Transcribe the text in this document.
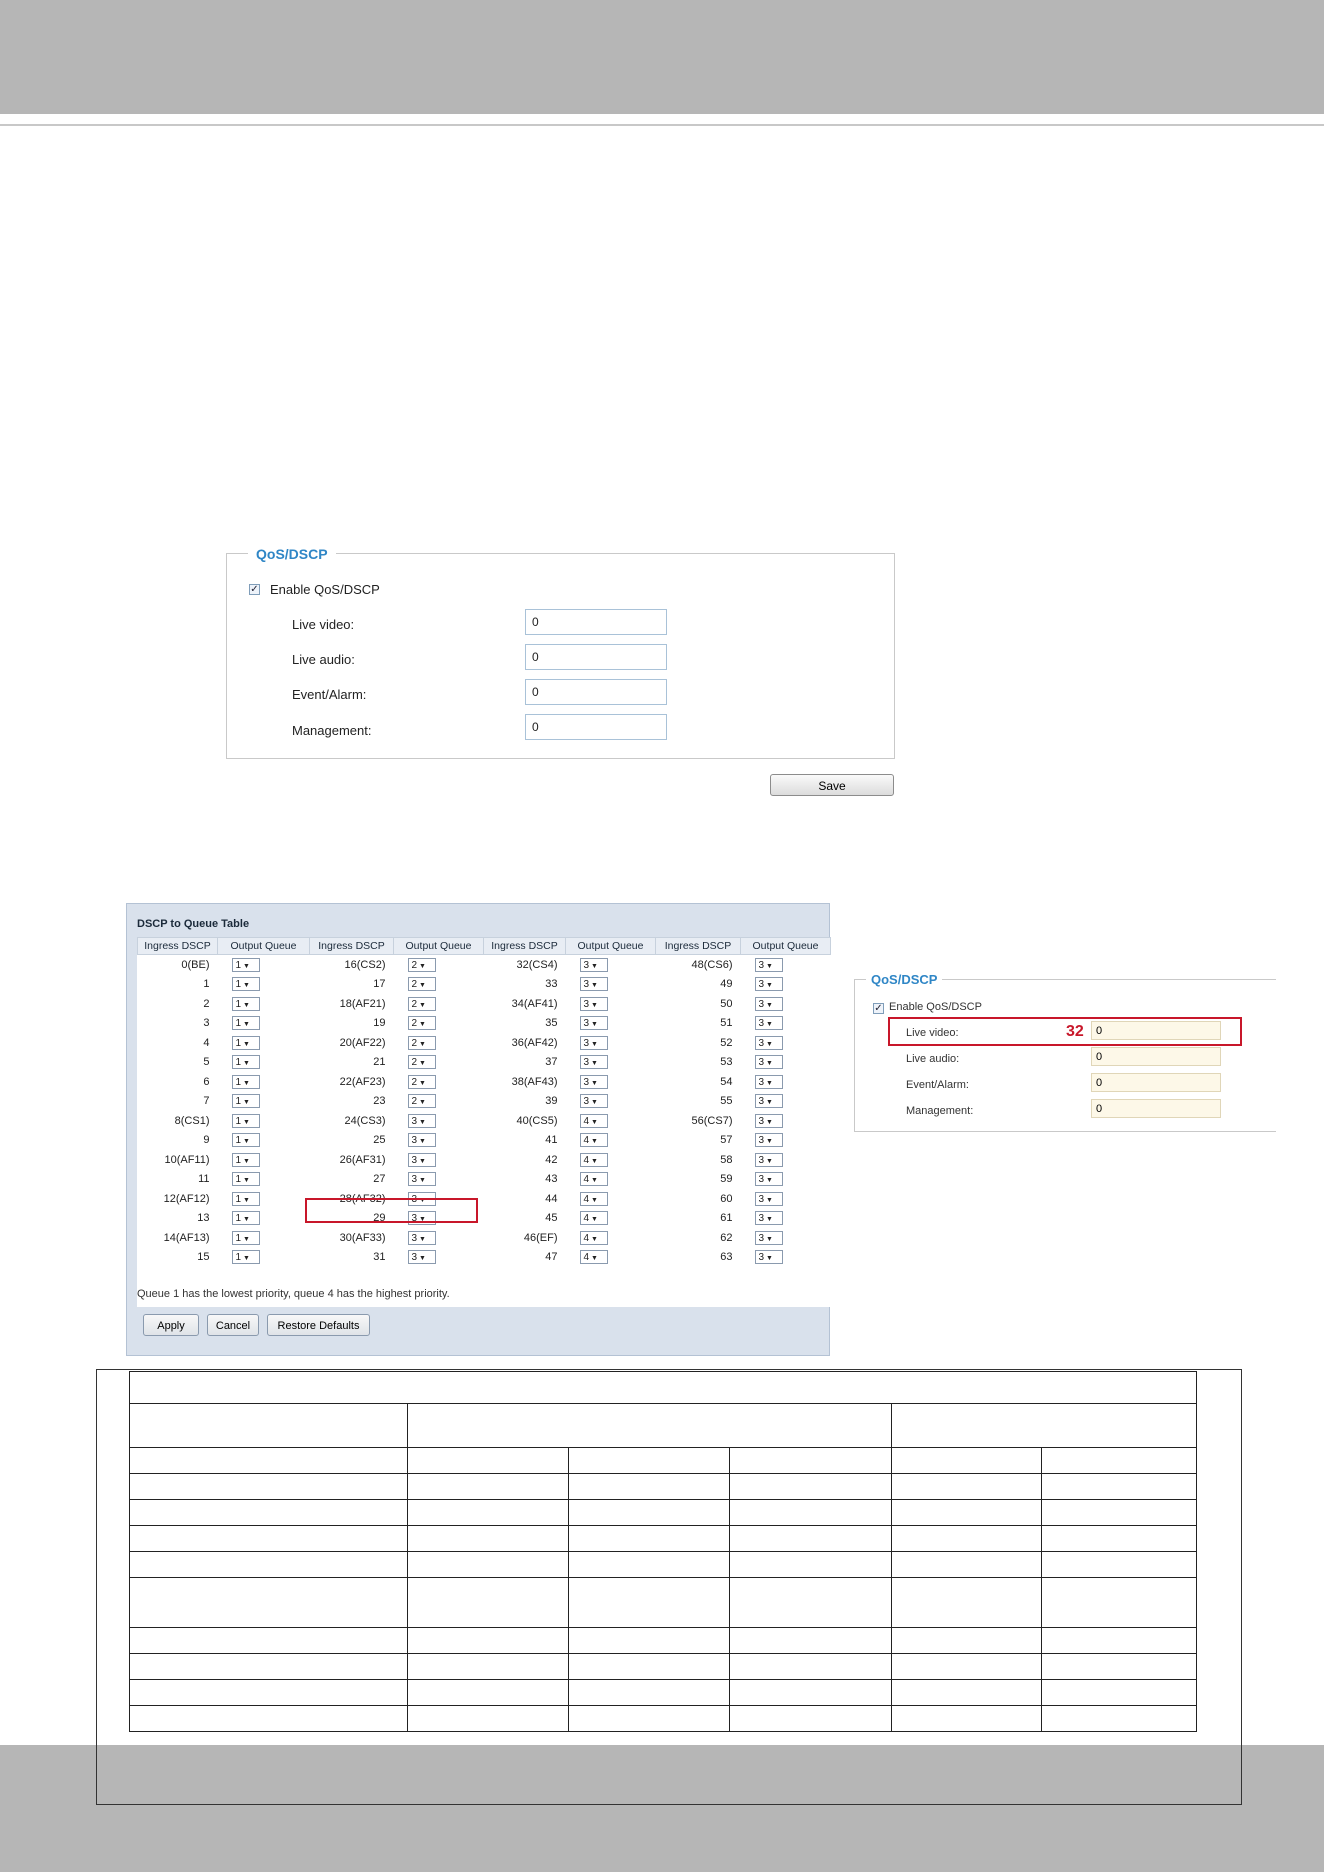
QoS/DSCP
✓ Enable QoS/DSCP
Live video:
0
Live audio:
0
Event/Alarm:
0
Management:
0
Save
DSCP to Queue Table
Ingress DSCP	Output Queue	Ingress DSCP	Output Queue	Ingress DSCP	Output Queue	Ingress DSCP	Output Queue
0(BE)	1 ▼	16(CS2)	2 ▼	32(CS4)	3 ▼	48(CS6)	3 ▼
1	1 ▼	17	2 ▼	33	3 ▼	49	3 ▼
2	1 ▼	18(AF21)	2 ▼	34(AF41)	3 ▼	50	3 ▼
3	1 ▼	19	2 ▼	35	3 ▼	51	3 ▼
4	1 ▼	20(AF22)	2 ▼	36(AF42)	3 ▼	52	3 ▼
5	1 ▼	21	2 ▼	37	3 ▼	53	3 ▼
6	1 ▼	22(AF23)	2 ▼	38(AF43)	3 ▼	54	3 ▼
7	1 ▼	23	2 ▼	39	3 ▼	55	3 ▼
8(CS1)	1 ▼	24(CS3)	3 ▼	40(CS5)	4 ▼	56(CS7)	3 ▼
9	1 ▼	25	3 ▼	41	4 ▼	57	3 ▼
10(AF11)	1 ▼	26(AF31)	3 ▼	42	4 ▼	58	3 ▼
11	1 ▼	27	3 ▼	43	4 ▼	59	3 ▼
12(AF12)	1 ▼	28(AF32)	3 ▼	44	4 ▼	60	3 ▼
13	1 ▼	29	3 ▼	45	4 ▼	61	3 ▼
14(AF13)	1 ▼	30(AF33)	3 ▼	46(EF)	4 ▼	62	3 ▼
15	1 ▼	31	3 ▼	47	4 ▼	63	3 ▼
Queue 1 has the lowest priority, queue 4 has the highest priority.
Apply	Cancel	Restore Defaults
QoS/DSCP
✓ Enable QoS/DSCP
Live video:
0
Live audio:
0
Event/Alarm:
0
Management:
0
32
